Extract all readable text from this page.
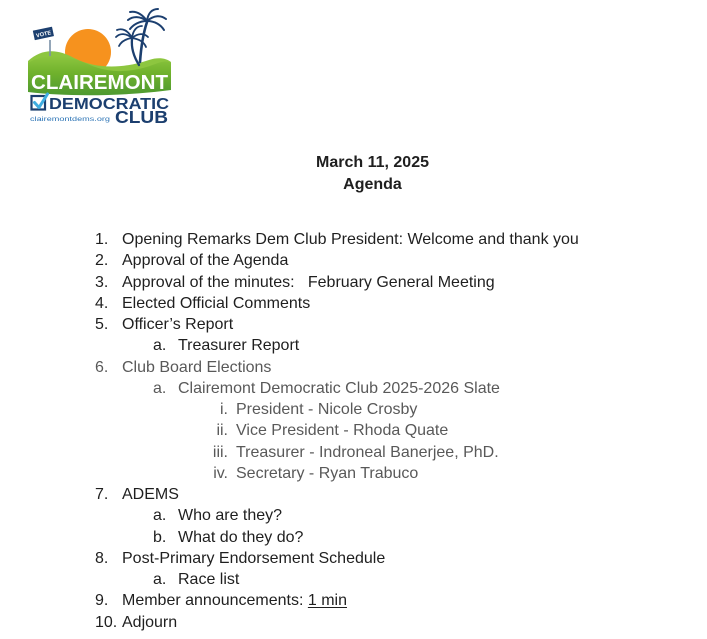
VOTE
CLAIREMONT
DEMOCRATIC
clairemontdems.org CLUB
March 11, 2025
Agenda
1. Opening Remarks Dem Club President: Welcome and thank you
2. Approval of the Agenda
3. Approval of the minutes:   February General Meeting
4. Elected Official Comments
5. Officer’s Report
a. Treasurer Report
6. Club Board Elections
a. Clairemont Democratic Club 2025-2026 Slate
i. President - Nicole Crosby
ii. Vice President - Rhoda Quate
iii. Treasurer - Indroneal Banerjee, PhD.
iv. Secretary - Ryan Trabuco
7. ADEMS
a. Who are they?
b. What do they do?
8. Post-Primary Endorsement Schedule
a. Race list
9. Member announcements: 1 min
10. Adjourn
